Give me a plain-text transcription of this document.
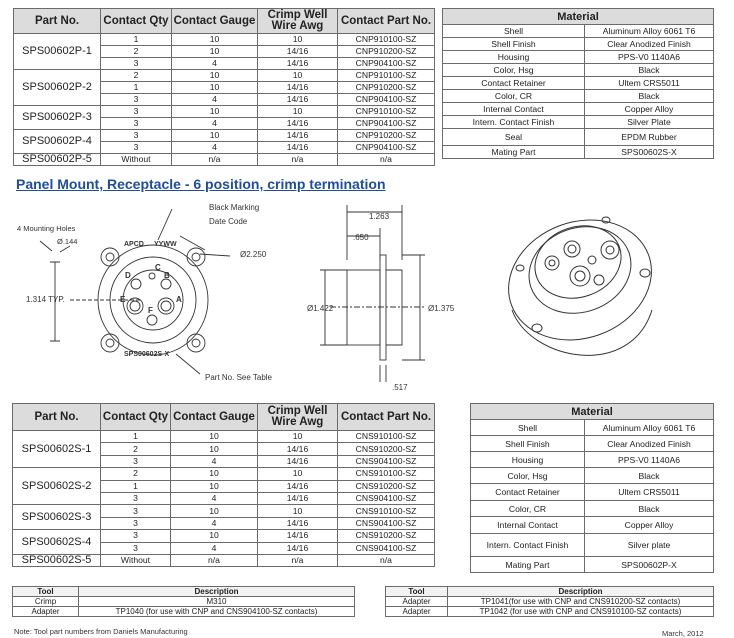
Part No.	Contact Qty	Contact Gauge	Crimp Well
Wire Awg	Contact Part No.
SPS00602P-1	1	10	10	CNP910100-SZ
	2	10	14/16	CNP910200-SZ
	3	4	14/16	CNP904100-SZ
SPS00602P-2	2	10	10	CNP910100-SZ
	1	10	14/16	CNP910200-SZ
	3	4	14/16	CNP904100-SZ
SPS00602P-3	3	10	10	CNP910100-SZ
	3	4	14/16	CNP904100-SZ
SPS00602P-4	3	10	14/16	CNP910200-SZ
	3	4	14/16	CNP904100-SZ
SPS00602P-5	Without	n/a	n/a	n/a
Material	
Shell	Aluminum Alloy 6061 T6
Shell Finish	Clear Anodized Finish
Housing	PPS-V0 1140A6
Color, Hsg	Black
Contact Retainer	Ultem CRS5011
Color, CR	Black
Internal Contact	Copper Alloy
Intern. Contact Finish	Silver Plate
Seal	EPDM Rubber
Mating Part	SPS00602S-X
Panel Mount, Receptacle - 6 position, crimp termination
Black Marking
Date Code
4 Mounting Holes
Ø.144	APCD YYWW
Ø2.250
1.314 TYP.
SPS00602S-X
Part No. See Table
A
B
C
D
E
F
1.263
.650
Ø1.422	Ø1.375
.517
Part No.	Contact Qty	Contact Gauge	Crimp Well
Wire Awg	Contact Part No.
SPS00602S-1	1	10	10	CNS910100-SZ
	2	10	14/16	CNS910200-SZ
	3	4	14/16	CNS904100-SZ
SPS00602S-2	2	10	10	CNS910100-SZ
	1	10	14/16	CNS910200-SZ
	3	4	14/16	CNS904100-SZ
SPS00602S-3	3	10	10	CNS910100-SZ
	3	4	14/16	CNS904100-SZ
SPS00602S-4	3	10	14/16	CNS910200-SZ
	3	4	14/16	CNS904100-SZ
SPS00602S-5	Without	n/a	n/a	n/a
Material	
Shell	Aluminum Alloy 6061 T6
Shell Finish	Clear Anodized Finish
Housing	PPS-V0 1140A6
Color, Hsg	Black
Contact Retainer	Ultem CRS5011
Color, CR	Black
Internal Contact	Copper Alloy
Intern. Contact Finish	Silver plate
Mating Part	SPS00602P-X
Tool	Description
Crimp	M310
Adapter	TP1040 (for use with CNP and CNS904100-SZ contacts)
Tool	Description
Adapter	TP1041(for use with CNP and CNS910200-SZ contacts)
Adapter	TP1042 (for use with CNP and CNS910100-SZ contacts)
Note: Tool part numbers from Daniels Manufacturing	March, 2012
